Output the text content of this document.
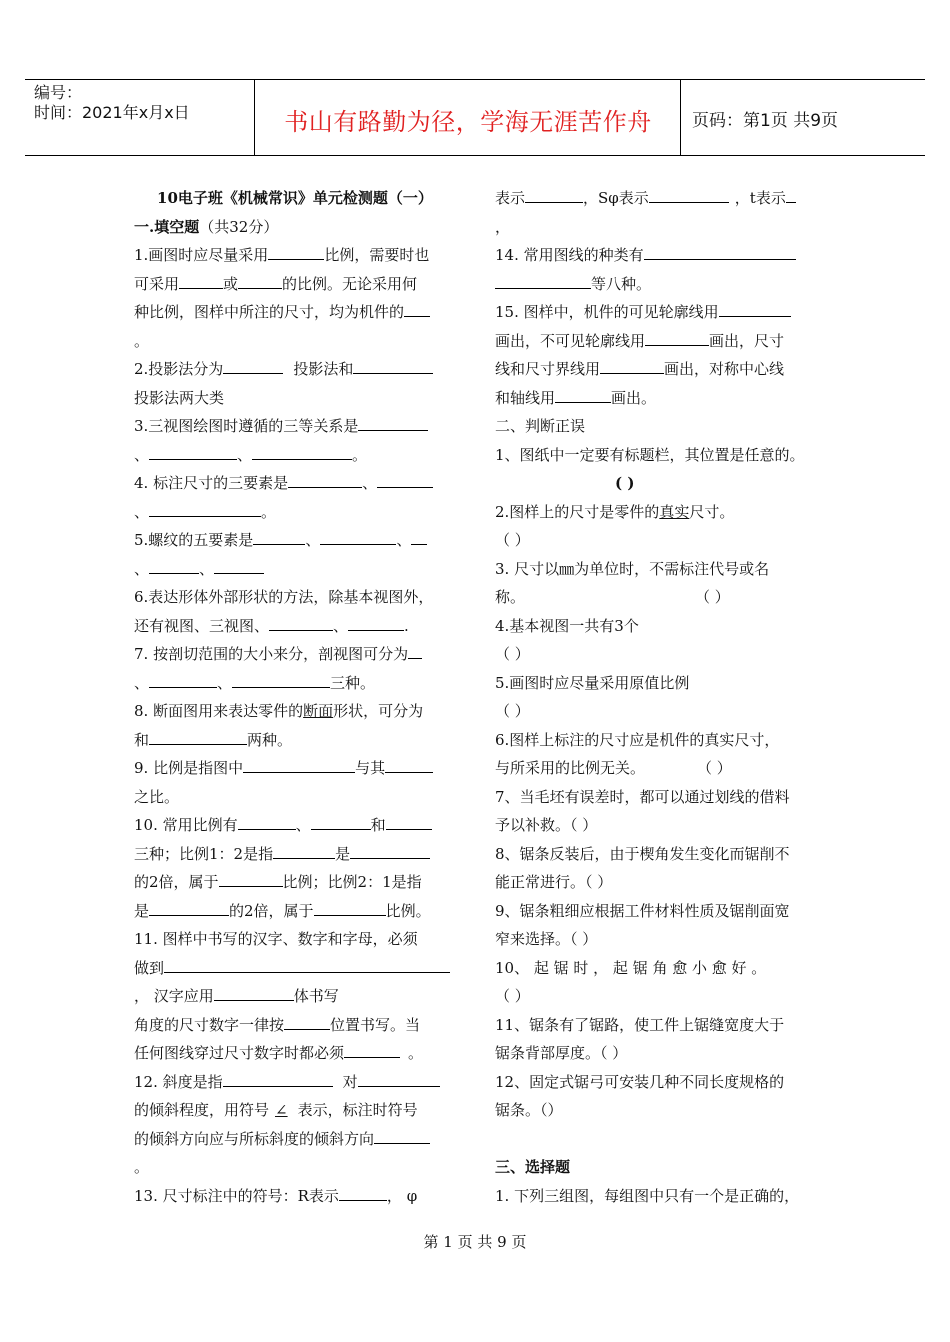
编号：
时间：2021年x月x日	书山有路勤为径，学海无涯苦作舟	页码：第1页 共9页
10电子班《机械常识》单元检测题（一）
一.填空题（共32分）
1.画图时应尽量采用	比例，需要时也
可采用	或	的比例。无论采用何
种比例，图样中所注的尺寸，均为机件的
。
2.投影法分为	投影法和
投影法两大类
3.三视图绘图时遵循的三等关系是
、	、	。
4. 标注尺寸的三要素是	、
、	。
5.螺纹的五要素是	、	、
、	、
6.表达形体外部形状的方法，除基本视图外，
还有视图、三视图、	、	.
7. 按剖切范围的大小来分，剖视图可分为
、	、	三种。
8. 断面图用来表达零件的断面形状，可分为
和	两种。
9. 比例是指图中	与其
之比。
10. 常用比例有	、	和
三种；比例1：2是指	是
的2倍，属于	比例；比例2：1是指
是	的2倍，属于	比例。
11. 图样中书写的汉字、数字和字母，必须
做到
， 汉字应用	体书写
角度的尺寸数字一律按	位置书写。当
任何图线穿过尺寸数字时都必须	。
12. 斜度是指	对
的倾斜程度，用符号 ∠ 表示，标注时符号
的倾斜方向应与所标斜度的倾斜方向
。
13. 尺寸标注中的符号：R表示	， φ
表示	，Sφ表示	，t表示
，
14. 常用图线的种类有
等八种。
15. 图样中，机件的可见轮廓线用
画出，不可见轮廓线用	画出，尺寸
线和尺寸界线用	画出，对称中心线
和轴线用	画出。
二、判断正误
1、图纸中一定要有标题栏，其位置是任意的。
( )
2.图样上的尺寸是零件的真实尺寸。
（ ）
3. 尺寸以㎜为单位时，不需标注代号或名
称。	（ ）
4.基本视图一共有3个
（ ）
5.画图时应尽量采用原值比例
（ ）
6.图样上标注的尺寸应是机件的真实尺寸，
与所采用的比例无关。	（ ）
7、当毛坯有误差时，都可以通过划线的借料
予以补救。（ ）
8、锯条反装后，由于楔角发生变化而锯削不
能正常进行。（ ）
9、锯条粗细应根据工件材料性质及锯削面宽
窄来选择。（ ）
10、 起 锯 时 ， 起 锯 角 愈 小 愈 好 。
（ ）
11、锯条有了锯路，使工件上锯缝宽度大于
锯条背部厚度。（ ）
12、固定式锯弓可安装几种不同长度规格的
锯条。（）
三、选择题
1. 下列三组图，每组图中只有一个是正确的，
第 1 页 共 9 页
